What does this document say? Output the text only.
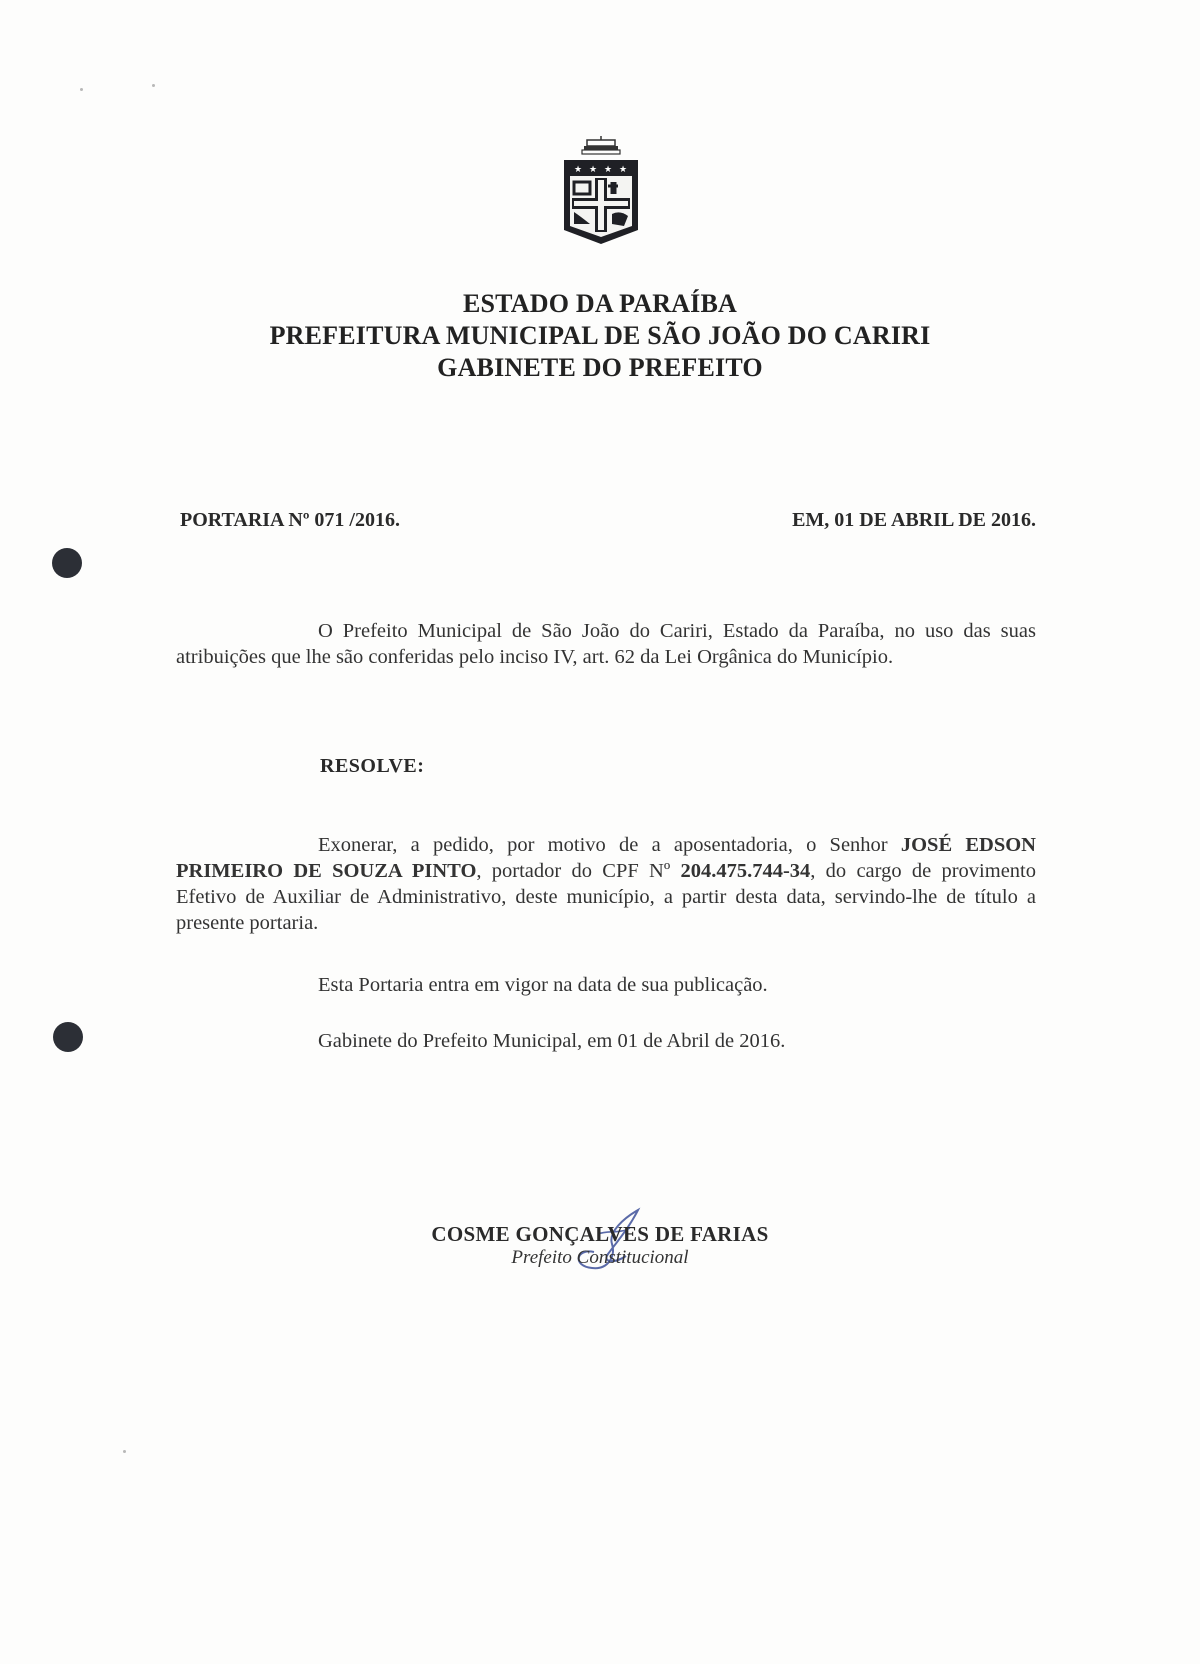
★ ★ ★ ★
ESTADO DA PARAÍBA
PREFEITURA MUNICIPAL DE SÃO JOÃO DO CARIRI
GABINETE DO PREFEITO
PORTARIA Nº 071 /2016.	EM, 01 DE ABRIL DE 2016.
O Prefeito Municipal de São João do Cariri, Estado da Paraíba, no uso das suas atribuições que lhe são conferidas pelo inciso IV, art. 62 da Lei Orgânica do Município.
RESOLVE:
Exonerar, a pedido, por motivo de a aposentadoria, o Senhor JOSÉ EDSON PRIMEIRO DE SOUZA PINTO, portador do CPF Nº 204.475.744-34, do cargo de provimento Efetivo de Auxiliar de Administrativo, deste município, a partir desta data, servindo-lhe de título a presente portaria.
Esta Portaria entra em vigor na data de sua publicação.
Gabinete do Prefeito Municipal, em 01 de Abril de 2016.
COSME GONÇALVES DE FARIAS
Prefeito Constitucional
